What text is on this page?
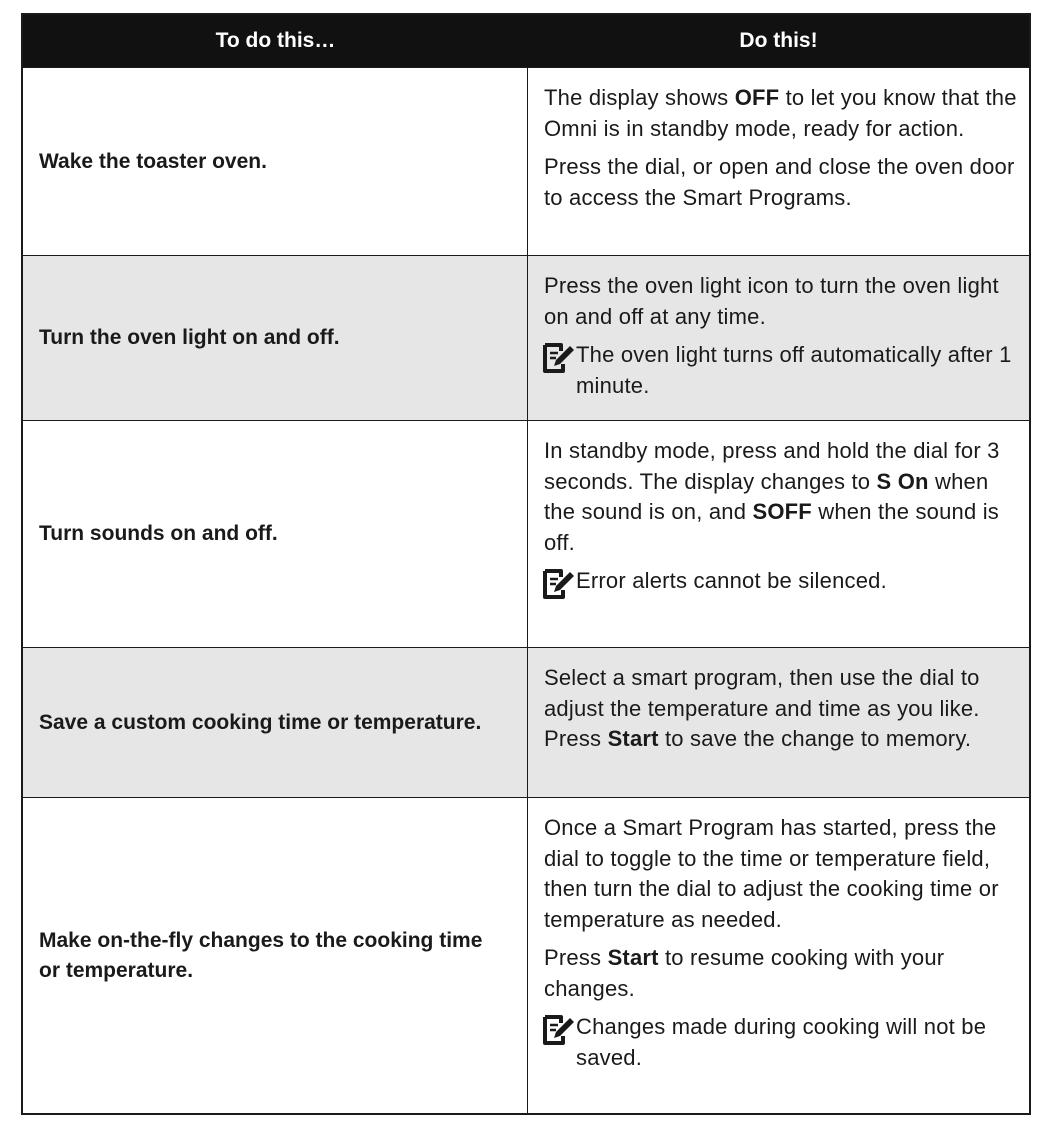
To do this…	Do this!
Wake the toaster oven.

The display shows OFF to let you know that the Omni is in standby mode, ready for action.

Press the dial, or open and close the oven door to access the Smart Programs.

Turn the oven light on and off.

Press the oven light icon to turn the oven light on and off at any time.

The oven light turns off automatically after 1 minute.
Turn sounds on and off.

In standby mode, press and hold the dial for 3 seconds. The display changes to S On when the sound is on, and SOFF when the sound is off.

Error alerts cannot be silenced.
Save a custom cooking time or temperature.

Select a smart program, then use the dial to adjust the temperature and time as you like. Press Start to save the change to memory.

Make on-the-fly changes to the cooking time or temperature.

Once a Smart Program has started, press the dial to toggle to the time or temperature field, then turn the dial to adjust the cooking time or temperature as needed.

Press Start to resume cooking with your changes.

Changes made during cooking will not be saved.
